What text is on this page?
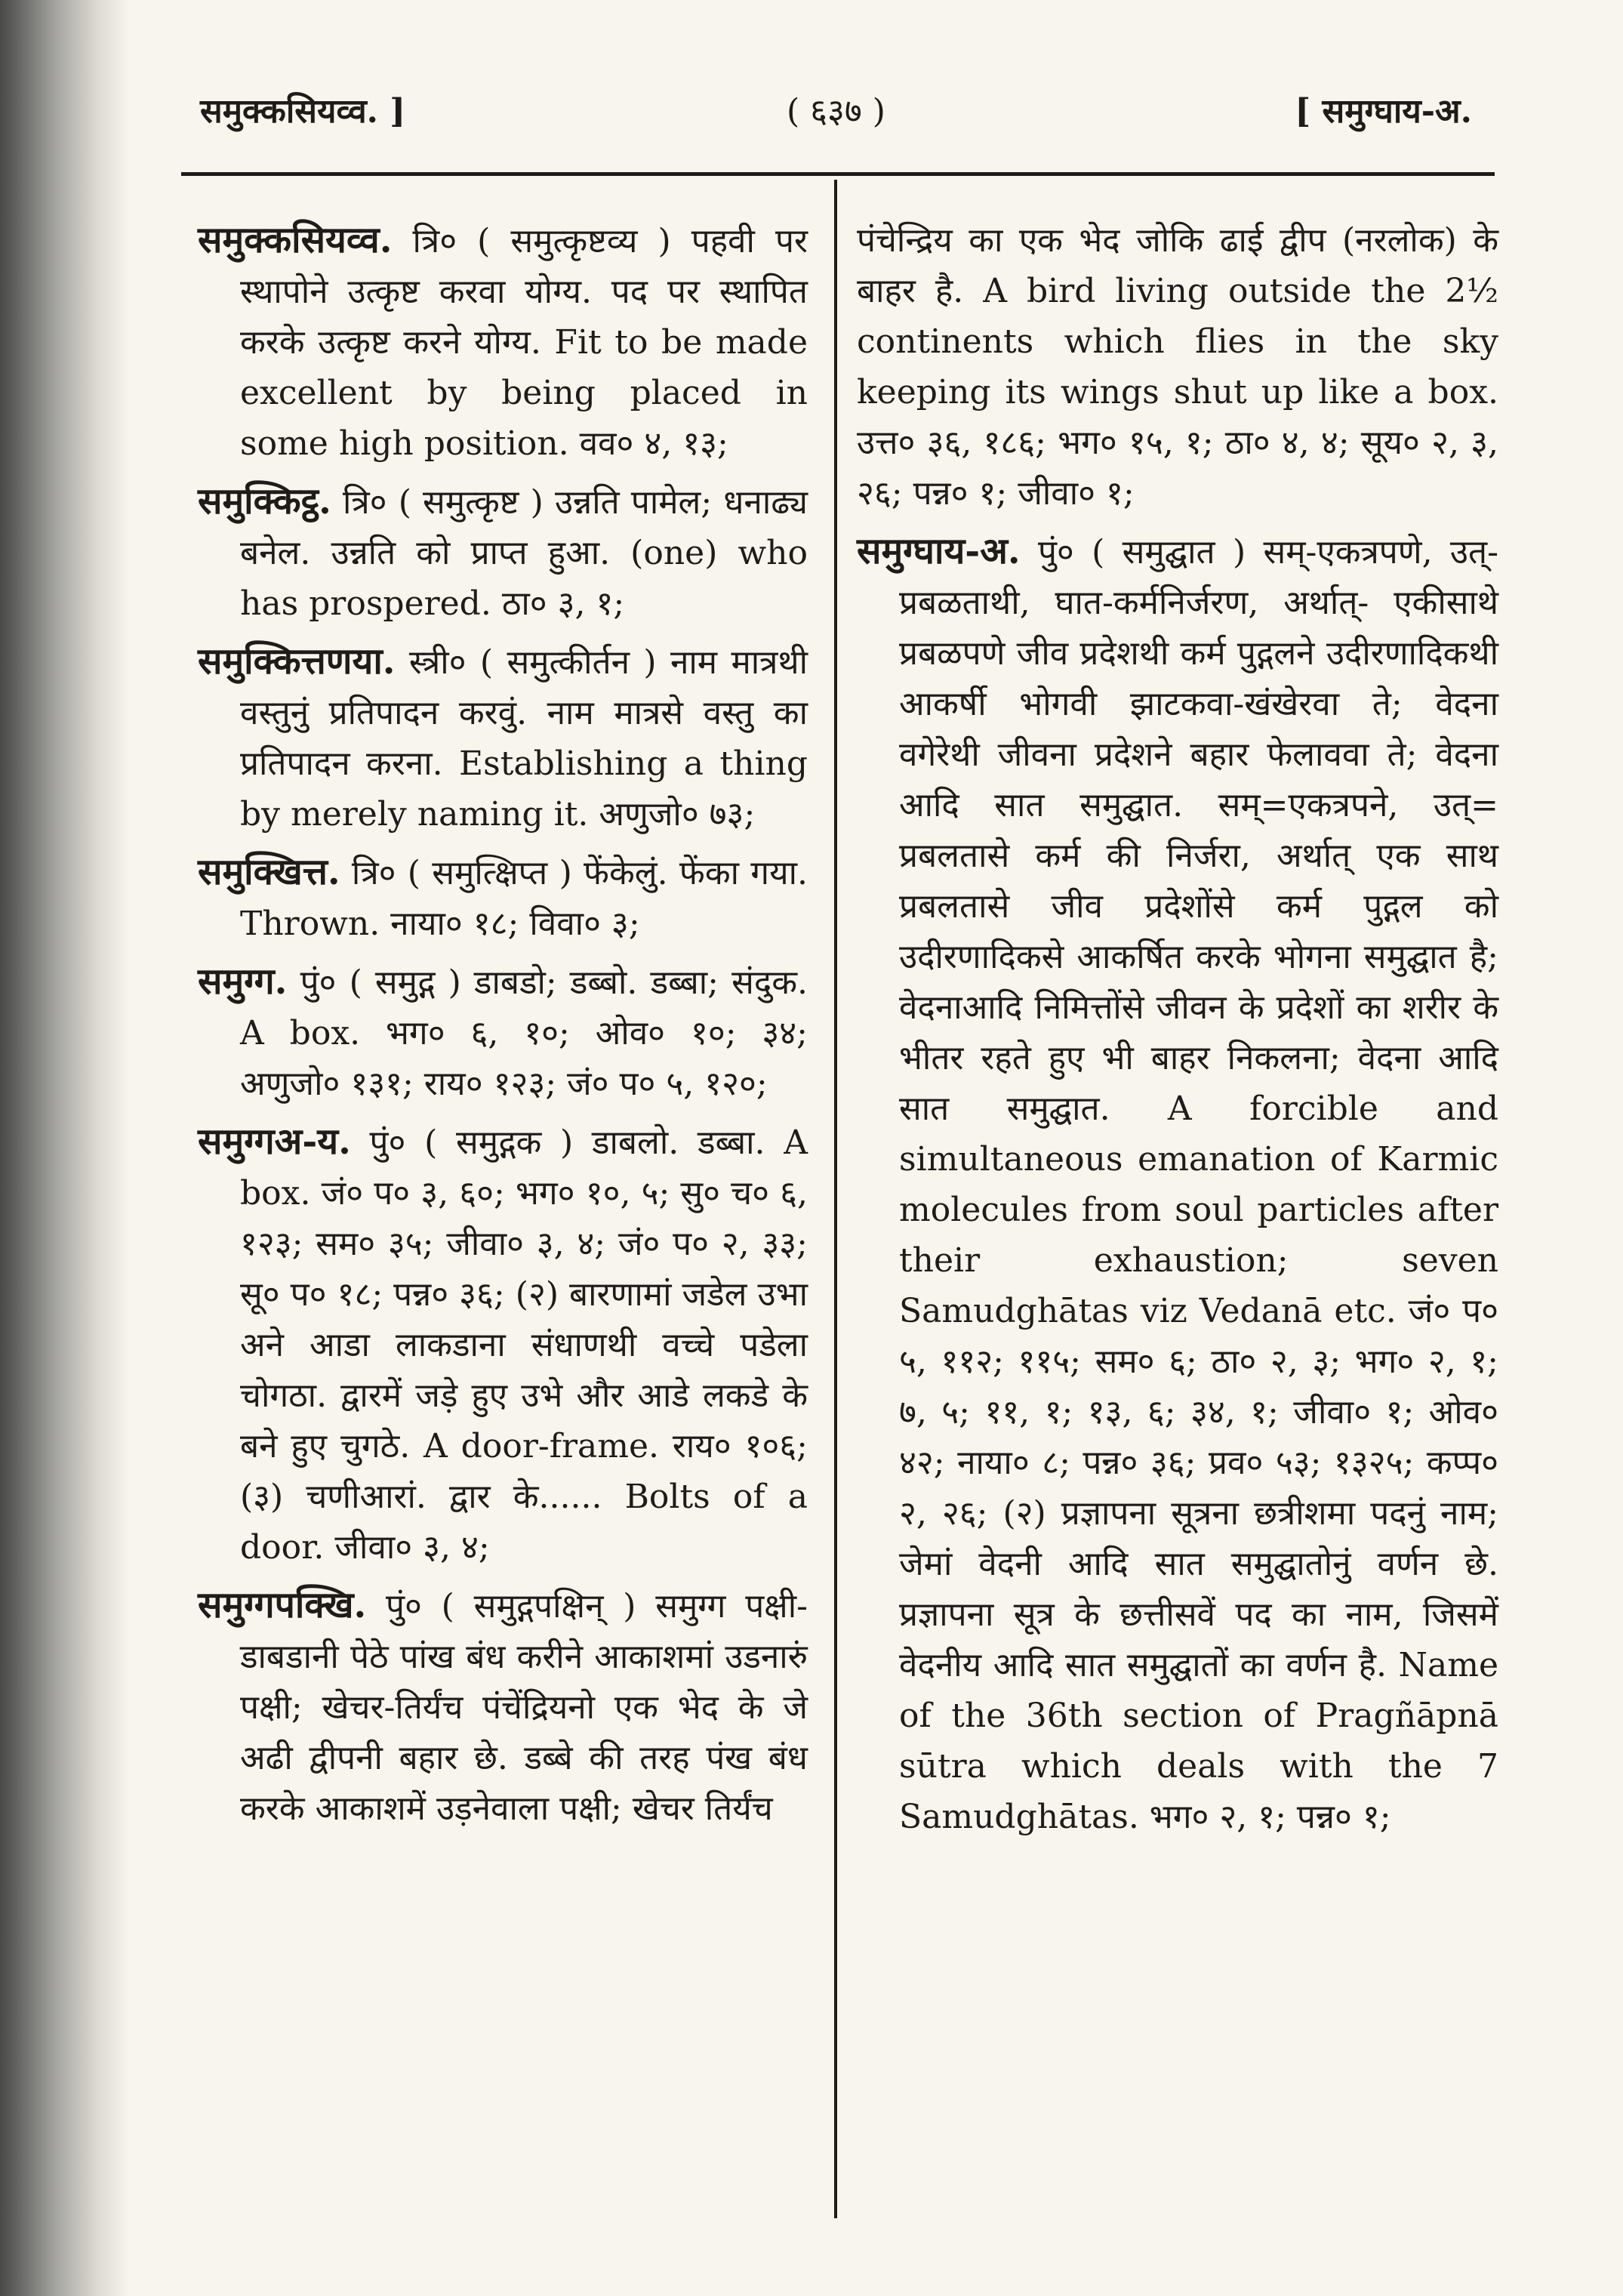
समुक्कसियव्व. ]	( ६३७ )	[ समुग्घाय-अ.

समुक्कसियव्व. त्रि० ( समुत्कृष्टव्य ) पहवी पर स्थापोने उत्कृष्ट करवा योग्य. पद पर स्थापित करके उत्कृष्ट करने योग्य. Fit to be made excellent by being placed in some high position. वव० ४, १३;

समुक्किट्ठ. त्रि० ( समुत्कृष्ट ) उन्नति पामेल; धनाढ्य बनेल. उन्नति को प्राप्त हुआ. (one) who has prospered. ठा० ३, १;

समुक्कित्तणया. स्त्री० ( समुत्कीर्तन ) नाम मात्रथी वस्तुनुं प्रतिपादन करवुं. नाम मात्रसे वस्तु का प्रतिपादन करना. Establishing a thing by merely naming it. अणुजो० ७३;

समुक्खित्त. त्रि० ( समुत्क्षिप्त ) फेंकेलुं. फेंका गया. Thrown. नाया० १८; विवा० ३;

समुग्ग. पुं० ( समुद्ग ) डाबडो; डब्बो. डब्बा; संदुक. A box. भग० ६, १०; ओव० १०; ३४; अणुजो० १३१; राय० १२३; जं० प० ५, १२०;

समुग्गअ-य. पुं० ( समुद्गक ) डाबलो. डब्बा. A box. जं० प० ३, ६०; भग० १०, ५; सु० च० ६, १२३; सम० ३५; जीवा० ३, ४; जं० प० २, ३३; सू० प० १८; पन्न० ३६; (२) बारणामां जडेल उभा अने आडा लाकडाना संधाणथी वच्चे पडेला चोगठा. द्वारमें जड़े हुए उभे और आडे लकडे के बने हुए चुगठे. A door-frame. राय० १०६; (३) चणीआरां. द्वार के...... Bolts of a door. जीवा० ३, ४;

समुग्गपक्खि. पुं० ( समुद्गपक्षिन् ) समुग्ग पक्षी-डाबडानी पेठे पांख बंध करीने आकाशमां उडनारुं पक्षी; खेचर-तिर्यंच पंचेंद्रियनो एक भेद के जे अढी द्वीपनी बहार छे. डब्बे की तरह पंख बंध करके आकाशमें उड़नेवाला पक्षी; खेचर तिर्यंच

पंचेन्द्रिय का एक भेद जोकि ढाई द्वीप (नरलोक) के बाहर है. A bird living outside the 2½ continents which flies in the sky keeping its wings shut up like a box. उत्त० ३६, १८६; भग० १५, १; ठा० ४, ४; सूय० २, ३, २६; पन्न० १; जीवा० १;

समुग्घाय-अ. पुं० ( समुद्घात ) सम्-एकत्रपणे, उत्-प्रबळताथी, घात-कर्मनिर्जरण, अर्थात्- एकीसाथे प्रबळपणे जीव प्रदेशथी कर्म पुद्गलने उदीरणादिकथी आकर्षी भोगवी झाटकवा-खंखेरवा ते; वेदना वगेरेथी जीवना प्रदेशने बहार फेलाववा ते; वेदना आदि सात समुद्घात. सम्=एकत्रपने, उत्= प्रबलतासे कर्म की निर्जरा, अर्थात् एक साथ प्रबलतासे जीव प्रदेशोंसे कर्म पुद्गल को उदीरणादिकसे आकर्षित करके भोगना समुद्घात है; वेदनाआदि निमित्तोंसे जीवन के प्रदेशों का शरीर के भीतर रहते हुए भी बाहर निकलना; वेदना आदि सात समुद्घात. A forcible and simultaneous emanation of Karmic molecules from soul particles after their exhaustion; seven Samudghātas viz Vedanā etc. जं० प० ५, ११२; ११५; सम० ६; ठा० २, ३; भग० २, १; ७, ५; ११, १; १३, ६; ३४, १; जीवा० १; ओव० ४२; नाया० ८; पन्न० ३६; प्रव० ५३; १३२५; कप्प० २, २६; (२) प्रज्ञापना सूत्रना छत्रीशमा पदनुं नाम; जेमां वेदनी आदि सात समुद्घातोनुं वर्णन छे. प्रज्ञापना सूत्र के छत्तीसवें पद का नाम, जिसमें वेदनीय आदि सात समुद्घातों का वर्णन है. Name of the 36th section of Pragñāpnā sūtra which deals with the 7 Samudghātas. भग० २, १; पन्न० १;
